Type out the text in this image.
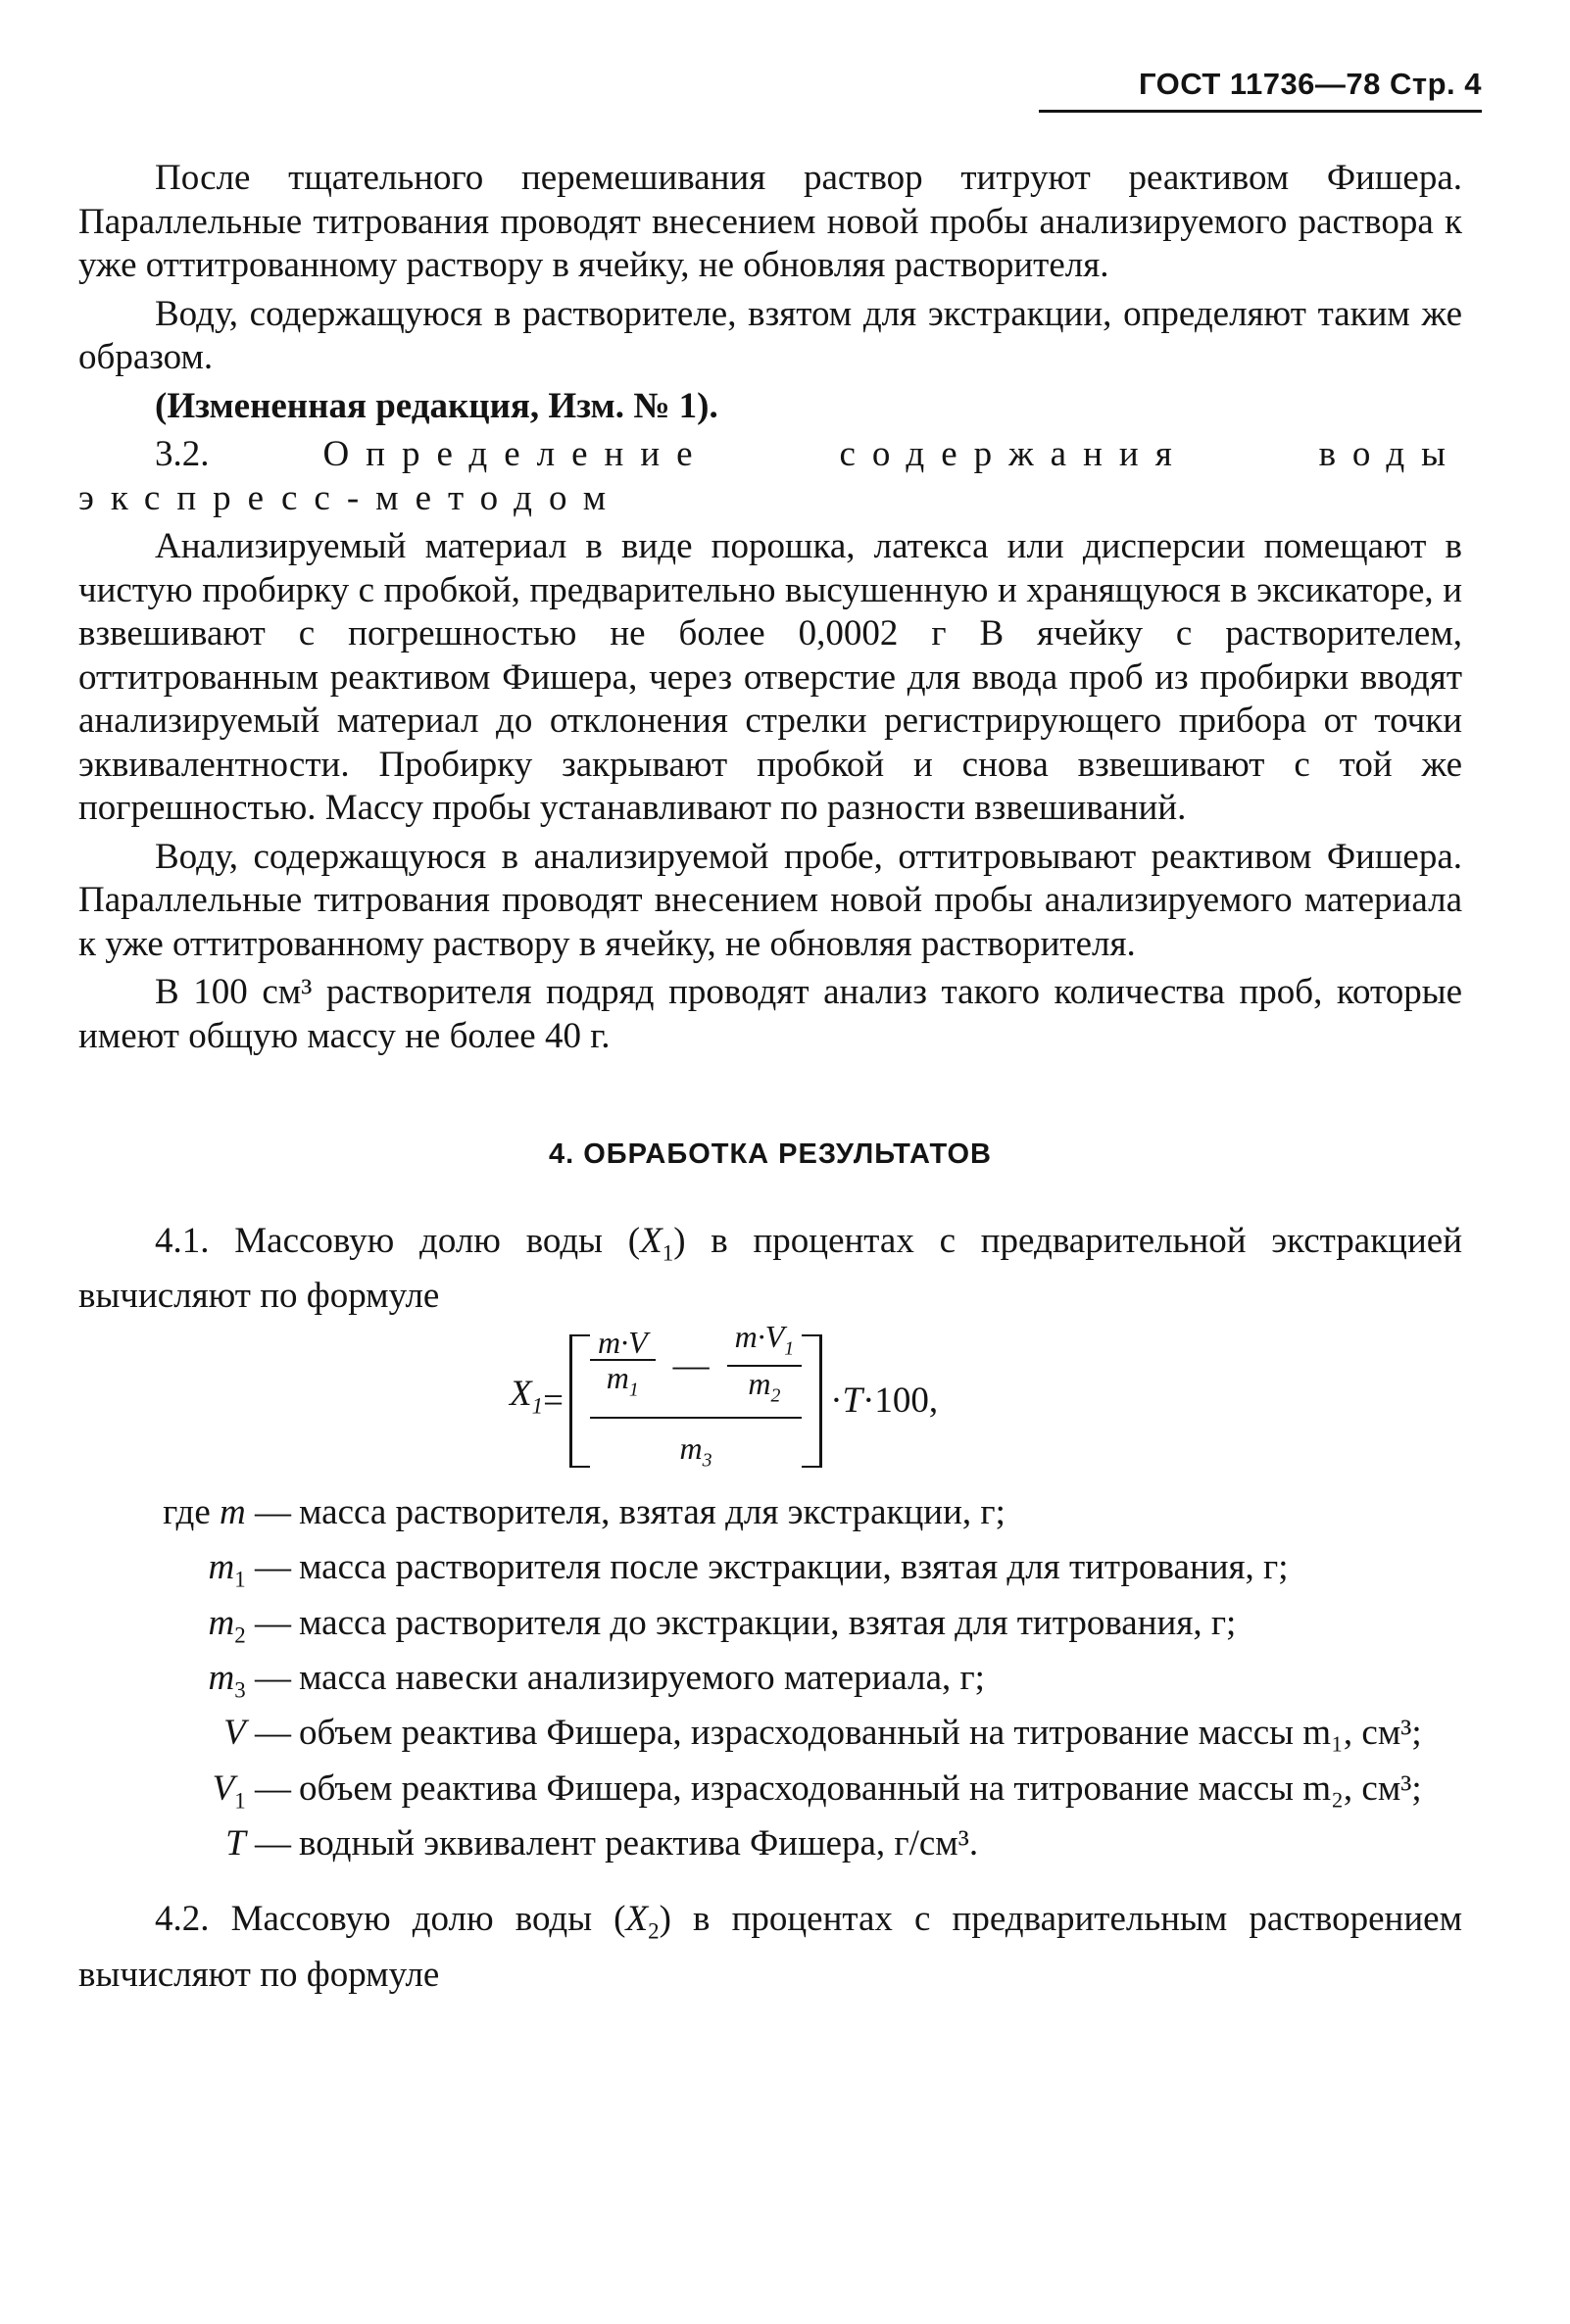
ГОСТ 11736—78 Стр. 4

После тщательного перемешивания раствор титруют реактивом Фишера. Параллельные титрования проводят внесением новой пробы анализируемого раствора к уже оттитрованному раствору в ячейку, не обновляя растворителя.

Воду, содержащуюся в растворителе, взятом для экстракции, определяют таким же образом.

(Измененная редакция, Изм. № 1).

3.2.	Определение содержания воды экспресс-методом

Анализируемый материал в виде порошка, латекса или дисперсии помещают в чистую пробирку с пробкой, предварительно высушенную и хранящуюся в эксикаторе, и взвешивают с погрешностью не более 0,0002 г В ячейку с растворителем, оттитрованным реактивом Фишера, через отверстие для ввода проб из пробирки вводят анализируемый материал до отклонения стрелки регистрирующего прибора от точки эквивалентности. Пробирку закрывают пробкой и снова взвешивают с той же погрешностью. Массу пробы устанавливают по разности взвешиваний.

Воду, содержащуюся в анализируемой пробе, оттитровывают реактивом Фишера. Параллельные титрования проводят внесением новой пробы анализируемого материала к уже оттитрованному раствору в ячейку, не обновляя растворителя.

В 100 см³ растворителя подряд проводят анализ такого количества проб, которые имеют общую массу не более 40 г.

4. ОБРАБОТКА РЕЗУЛЬТАТОВ

4.1. Массовую долю воды $(X_1)$ в процентах с предварительной экстракцией вычисляют по формуле

$X_1$ =
m·V
$m_1$
—
$m\cdot V_1$
$m_2$
$m_3$
·T·100,
где m — масса растворителя, взятая для экстракции, г;
$m_1$ — масса растворителя после экстракции, взятая для титрования, г;
$m_2$ — масса растворителя до экстракции, взятая для титрования, г;
$m_3$ — масса навески анализируемого материала, г;
V — объем реактива Фишера, израсходованный на титрование массы m₁, см³;
$V_1$ — объем реактива Фишера, израсходованный на титрование массы m₂, см³;
T — водный эквивалент реактива Фишера, г/см³.

4.2. Массовую долю воды $(X_2)$ в процентах с предварительным растворением вычисляют по формуле
